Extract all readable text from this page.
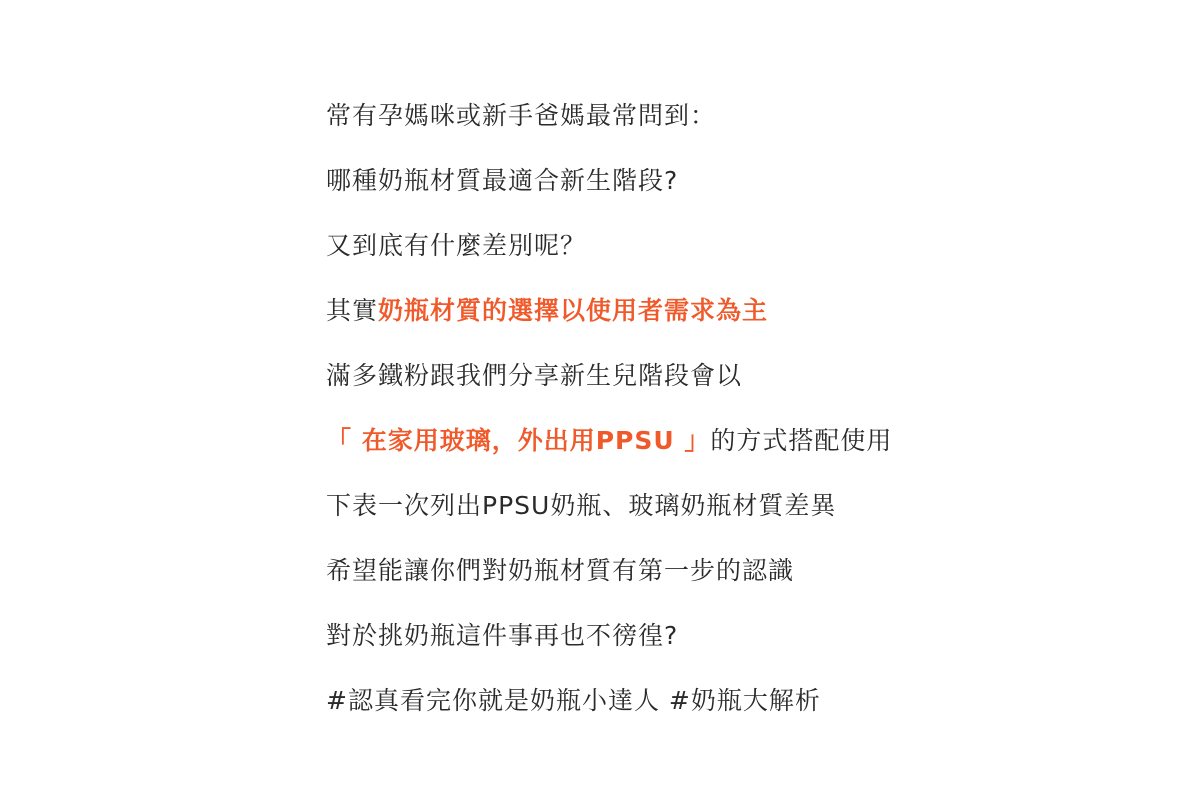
常有孕媽咪或新手爸媽最常問到：
哪種奶瓶材質最適合新生階段?
又到底有什麼差別呢？
其實奶瓶材質的選擇以使用者需求為主
滿多鐵粉跟我們分享新生兒階段會以
「 在家用玻璃，外出用PPSU 」的方式搭配使用
下表一次列出PPSU奶瓶、玻璃奶瓶材質差異
希望能讓你們對奶瓶材質有第一步的認識
對於挑奶瓶這件事再也不徬徨?
#認真看完你就是奶瓶小達人 #奶瓶大解析
